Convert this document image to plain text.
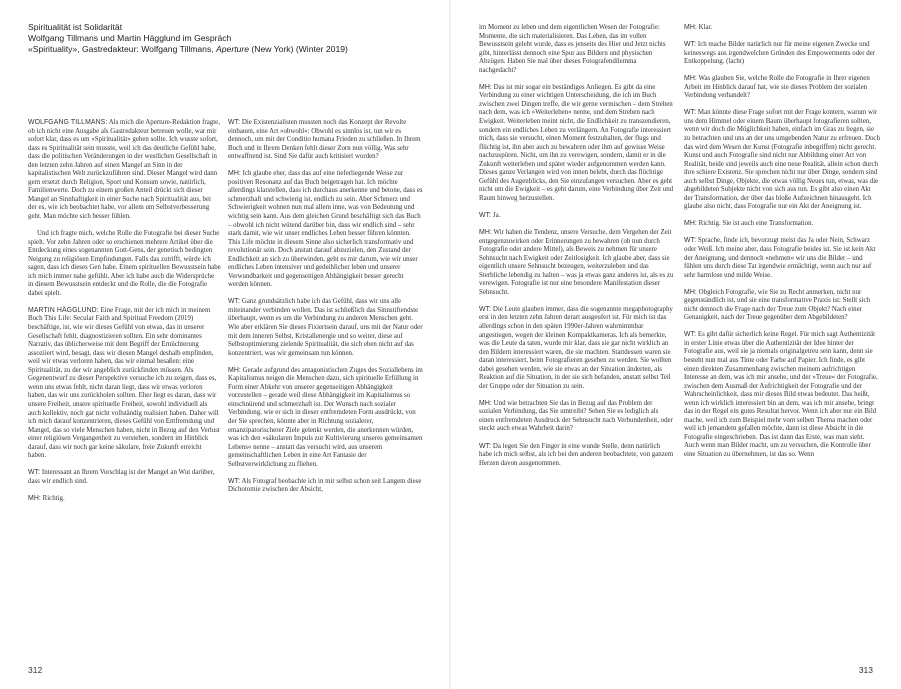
Spiritualität ist Solidarität
Wolfgang Tillmans und Martin Hägglund im Gespräch
«Spirituality», Gastredakteur: Wolfgang Tillmans, Aperture (New York) (Winter 2019)

WOLFGANG TILLMANS: Als mich die Aperture-Redaktion fragte, ob ich nicht eine Ausgabe als Gastredakteur betreuen wolle, war mir sofort klar, dass es um »Spiritualität« gehen sollte. Ich wusste sofort, dass es Spiritualität sein musste, weil ich das deutliche Gefühl habe, dass die politischen Veränderungen in der westlichen Gesellschaft in den letzten zehn Jahren auf einen Mangel an Sinn in der kapitalistischen Welt zurückzuführen sind. Dieser Mangel wird dann gern ersetzt durch Religion, Sport und Konsum sowie, natürlich, Familienwerte. Doch zu einem großen Anteil drückt sich dieser Mangel an Sinnhaftigkeit in einer Suche nach Spiritualität aus, bei der es, wie ich beobachtet habe, vor allem um Selbstverbesserung geht. Man möchte sich besser fühlen.

Und ich fragte mich, welche Rolle die Fotografie bei dieser Suche spielt. Vor zehn Jahren oder so erschienen mehrere Artikel über die Entdeckung eines sogenannten Gott-Gens, der genetisch bedingten Neigung zu religiösen Empfindungen. Falls das zutrifft, würde ich sagen, dass ich dieses Gen habe. Einem spirituellen Bewusstsein habe ich mich immer nahe gefühlt. Aber ich habe auch die Widersprüche in diesem Bewusstsein entdeckt und die Rolle, die die Fotografie dabei spielt.

MARTIN HÄGGLUND: Eine Frage, mit der ich mich in meinem Buch This Life: Secular Faith and Spiritual Freedom (2019) beschäftige, ist, wie wir dieses Gefühl von etwas, das in unserer Gesellschaft fehlt, diagnostizieren sollten. Ein sehr dominantes Narrativ, das üblicherweise mit dem Begriff der Ernüchterung assoziiert wird, besagt, dass wir diesen Mangel deshalb empfinden, weil wir etwas verloren haben, das wir einmal besaßen: eine Spiritualität, zu der wir angeblich zurückfinden müssen. Als Gegenentwurf zu dieser Perspektive versuche ich zu zeigen, dass es, wenn uns etwas fehlt, nicht daran liegt, dass wir etwas verloren haben, das wir uns zurückholen sollten. Eher liegt es daran, dass wir unsere Freiheit, unsere spirituelle Freiheit, sowohl individuell als auch kollektiv, noch gar nicht vollständig realisiert haben. Daher will ich mich darauf konzentrieren, dieses Gefühl von Entfremdung und Mangel, das so viele Menschen haben, nicht in Bezug auf den Verlust einer religiösen Vergangenheit zu verstehen, sondern im Hinblick darauf, dass wir noch gar keine säkulare, freie Zukunft erreicht haben.

WT: Interessant an Ihrem Vorschlag ist der Mangel an Wut darüber, dass wir endlich sind.

MH: Richtig.

WT: Die Existenzialisten mussten noch das Konzept der Revolte einbauen, eine Art »obwohl«: Obwohl es sinnlos ist, tun wir es dennoch, um mit der Conditio humana Frieden zu schließen. In Ihrem Buch und in Ihrem Denken fehlt dieser Zorn nun völlig. Was sehr entwaffnend ist. Sind Sie dafür auch kritisiert worden?

MH: Ich glaube eher, dass das auf eine tieferliegende Weise zur positiven Resonanz auf das Buch beigetragen hat. Ich möchte allerdings klarstellen, dass ich durchaus anerkenne und betone, dass es schmerzhaft und schwierig ist, endlich zu sein. Aber Schmerz und Schwierigkeit wohnen nun mal allem inne, was von Bedeutung und wichtig sein kann. Aus dem gleichen Grund beschäftigt sich das Buch – obwohl ich nicht wütend darüber bin, dass wir endlich sind – sehr stark damit, wie wir unser endliches Leben besser führen könnten. This Life möchte in diesem Sinne also sicherlich transformativ und revolutionär sein. Doch anstatt darauf abzuzielen, den Zustand der Endlichkeit an sich zu überwinden, geht es mir darum, wie wir unser endliches Leben intensiver und gedeihlicher leben und unserer Verwundbarkeit und gegenseitigen Abhängigkeit besser gerecht werden können.

WT: Ganz grundsätzlich habe ich das Gefühl, dass wir uns alle miteinander verbinden wollen. Das ist schließlich das Sinnstiftendste überhaupt, wenn es um die Verbindung zu anderen Menschen geht. Wie aber erklären Sie dieses Fixiertsein darauf, uns mit der Natur oder mit dem inneren Selbst, Kristallenergie und so weiter, diese auf Selbstoptimierung zielende Spiritualität, die sich eben nicht auf das konzentriert, was wir gemeinsam tun können.

MH: Gerade aufgrund des antagonistischen Zuges des Soziallebens im Kapitalismus neigen die Menschen dazu, sich spirituelle Erfüllung in Form einer Abkehr von unserer gegenseitigen Abhängigkeit vorzustellen – gerade weil diese Abhängigkeit im Kapitalismus so einschnürend und schmerzhaft ist. Der Wunsch nach sozialer Verbindung, wie er sich in dieser entfremdeten Form ausdrückt, von der Sie sprechen, könnte aber in Richtung sozialerer, emanzipatorischerer Ziele gelenkt werden, die anerkennen würden, was ich den »säkularen Impuls zur Kultivierung unseres gemeinsamen Lebens« nenne – anstatt das versucht wird, aus unserem gemeinschaftlichen Leben in eine Art Fantasie der Selbstverwirklichung zu fliehen.

WT: Als Fotograf beobachte ich in mir selbst schon seit Langem diese Dichotomie zwischen der Absicht,

312

im Moment zu leben und dem eigentlichen Wesen der Fotografie: Momente, die sich materialisieren. Das Leben, das im vollen Bewusstsein gelebt wurde, dass es jenseits des Hier und Jetzt nichts gibt, hinterlässt dennoch eine Spur aus Bildern und physischen Abzügen. Haben Sie mal über dieses Fotografendilemma nachgedacht?

MH: Das ist mir sogar ein beständiges Anliegen. Es gibt da eine Verbindung zu einer wichtigen Unterscheidung, die ich im Buch zwischen zwei Dingen treffe, die wir gerne vermischen – dem Streben nach dem, was ich »Weiterleben« nenne, und dem Streben nach Ewigkeit. Weiterleben meint nicht, die Endlichkeit zu transzendieren, sondern ein endliches Leben zu verlängern. An Fotografie interessiert mich, dass sie versucht, einen Moment festzuhalten, der flugs und flüchtig ist, ihn aber auch zu bewahren oder ihm auf gewisse Weise nachzuspüren. Nicht, um ihn zu verewigen, sondern, damit er in die Zukunft weiterleben und später wieder aufgenommen werden kann. Dieses ganze Verlangen wird von innen belebt, durch das flüchtige Gefühl des Augenblicks, den Sie einzufangen versuchen. Aber es geht nicht um die Ewigkeit – es geht darum, eine Verbindung über Zeit und Raum hinweg herzustellen.

WT: Ja.

MH: Wir haben die Tendenz, unsere Versuche, dem Vergehen der Zeit entgegenzuwirken oder Erinnerungen zu bewahren (ob nun durch Fotografie oder andere Mittel), als Beweis zu nehmen für unsere Sehnsucht nach Ewigkeit oder Zeitlosigkeit. Ich glaube aber, dass sie eigentlich unsere Sehnsucht bezeugen, weiterzuleben und das Sterbliche lebendig zu halten – was ja etwas ganz anderes ist, als es zu verewigen. Fotografie ist nur eine besondere Manifestation dieser Sehnsucht.

WT: Die Leute glauben immer, dass die sogenannte megaphotography erst in den letzten zehn Jahren derart ausgeufert ist. Für mich ist das allerdings schon in den späten 1990er-Jahren wahrnimmbar angestiegen, wegen der kleinen Kompaktkameras. Ich als bemerkte, was die Leute da taten, wurde mir klar, dass sie gar nicht wirklich an den Bildern interessiert waren, die sie machten. Stattdessen waren sie daran interessiert, beim Fotografieren gesehen zu werden. Sie wollten dabei gesehen werden, wie sie etwas an der Situation änderten, als Reaktion auf die Situation, in der sie sich befanden, anstatt selbst Teil der Gruppe oder der Situation zu sein.

MH: Und wie betrachten Sie das in Bezug auf das Problem der sozialen Verbindung, das Sie umtreibt? Sehen Sie es lediglich als einen entfremdeten Ausdruck der Sehnsucht nach Verbundenheit, oder steckt auch etwas Wahrheit darin?

WT: Da legen Sie den Finger in eine wunde Stelle, denn natürlich habe ich mich selbst, als ich bei den anderen beobachtete, von ganzem Herzen davon ausgenommen.

MH: Klar.

WT: Ich mache Bilder natürlich nur für meine eigenen Zwecke und keineswegs aus irgendwelchen Gründen des Empowerments oder der Entkoppelung. (lacht)

MH: Was glauben Sie, welche Rolle die Fotografie in Ihrer eigenen Arbeit im Hinblick darauf hat, wie sie dieses Problem der sozialen Verbindung verhandelt?

WT: Man könnte diese Frage sofort mit der Frage kontern, warum wir uns dem Himmel oder einem Baum überhaupt fotografieren sollten, wenn wir doch die Möglichkeit haben, einfach im Gras zu liegen, sie zu betrachten und uns an der uns umgebenden Natur zu erfreuen. Doch das wird dem Wesen der Kunst (Fotografie inbegriffen) nicht gerecht. Kunst und auch Fotografie sind nicht nur Abbildung einer Art von Realität, beide sind jeweils auch eine neue Realität, allein schon durch ihre schiere Existenz. Sie sprechen nicht nur über Dinge, sondern sind auch selbst Dinge, Objekte, die etwas völlig Neues tun, etwas, was die abgebildeten Subjekte nicht von sich aus tun. Es gibt also einen Akt der Transformation, der über das bloße Aufzeichnen hinausgeht. Ich glaube also nicht, dass Fotografie nur ein Akt der Aneignung ist.

MH: Richtig. Sie ist auch eine Transformation.

WT: Sprache, finde ich, bevorzugt meist das Ja oder Nein, Schwarz oder Weiß. Ich meine aber, dass Fotografie beides ist. Sie ist kein Akt der Aneignung, und dennoch »nehmen« wir uns die Bilder – und fühlen uns durch diese Tat irgendwie ermächtigt, wenn auch nur auf sehr harmlose und milde Weise.

MH: Obgleich Fotografie, wie Sie zu Recht anmerken, nicht nur gegenständlich ist, und sie eine transformative Praxis ist: Stellt sich nicht dennoch die Frage nach der Treue zum Objekt? Nach einer Genauigkeit, nach der Treue gegenüber dem Abgebildeten?

WT: Es gibt dafür sicherlich keine Regel. Für mich sagt Authentizität in erster Linie etwas über die Authentizität der Idee hinter der Fotografie aus, weil sie ja niemals originalgetreu sein kann, denn sie besteht nun mal aus Tinte oder Farbe auf Papier. Ich finde, es gibt einen direkten Zusammenhang zwischen meinem aufrichtigen Interesse an dem, was ich mir ansehe, und der »Treue« der Fotografie, zwischen dem Ausmaß der Aufrichtigkeit der Fotografie und der Wahrscheinlichkeit, dass mir dieses Bild etwas bedeutet. Das heißt, wenn ich wirklich interessiert bin an dem, was ich mir ansehe, bringt das in der Regel ein gutes Resultat hervor. Wenn ich aber nur ein Bild mache, weil ich zum Beispiel mehr vom selben Thema machen oder weil ich jemandem gefallen möchte, dann ist diese Absicht in die Fotografie eingeschrieben. Das ist dann das Erste, was man sieht. Auch wenn man Bilder macht, um zu versuchen, die Kontrolle über eine Situation zu übernehmen, ist das so. Wenn

313
